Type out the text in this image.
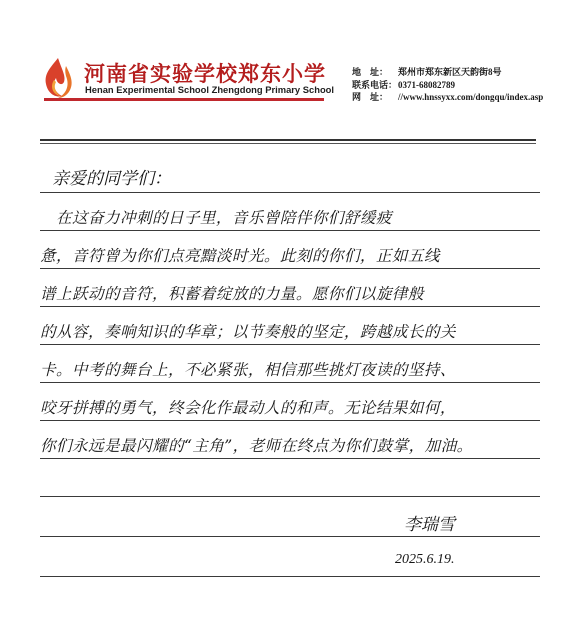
河南省实验学校郑东小学
Henan Experimental School Zhengdong Primary School
地　址： 郑州市郑东新区天韵街8号
联系电话：0371-68082789
网　址： //www.hnssyxx.com/dongqu/index.asp
亲爱的同学们：
　在这奋力冲刺的日子里，音乐曾陪伴你们舒缓疲
惫，音符曾为你们点亮黯淡时光。此刻的你们，正如五线
谱上跃动的音符，积蓄着绽放的力量。愿你们以旋律般
的从容，奏响知识的华章；以节奏般的坚定，跨越成长的关
卡。中考的舞台上，不必紧张，相信那些挑灯夜读的坚持、
咬牙拼搏的勇气，终会化作最动人的和声。无论结果如何，
你们永远是最闪耀的“主角”，老师在终点为你们鼓掌，加油。
李瑞雪
2025.6.19.
